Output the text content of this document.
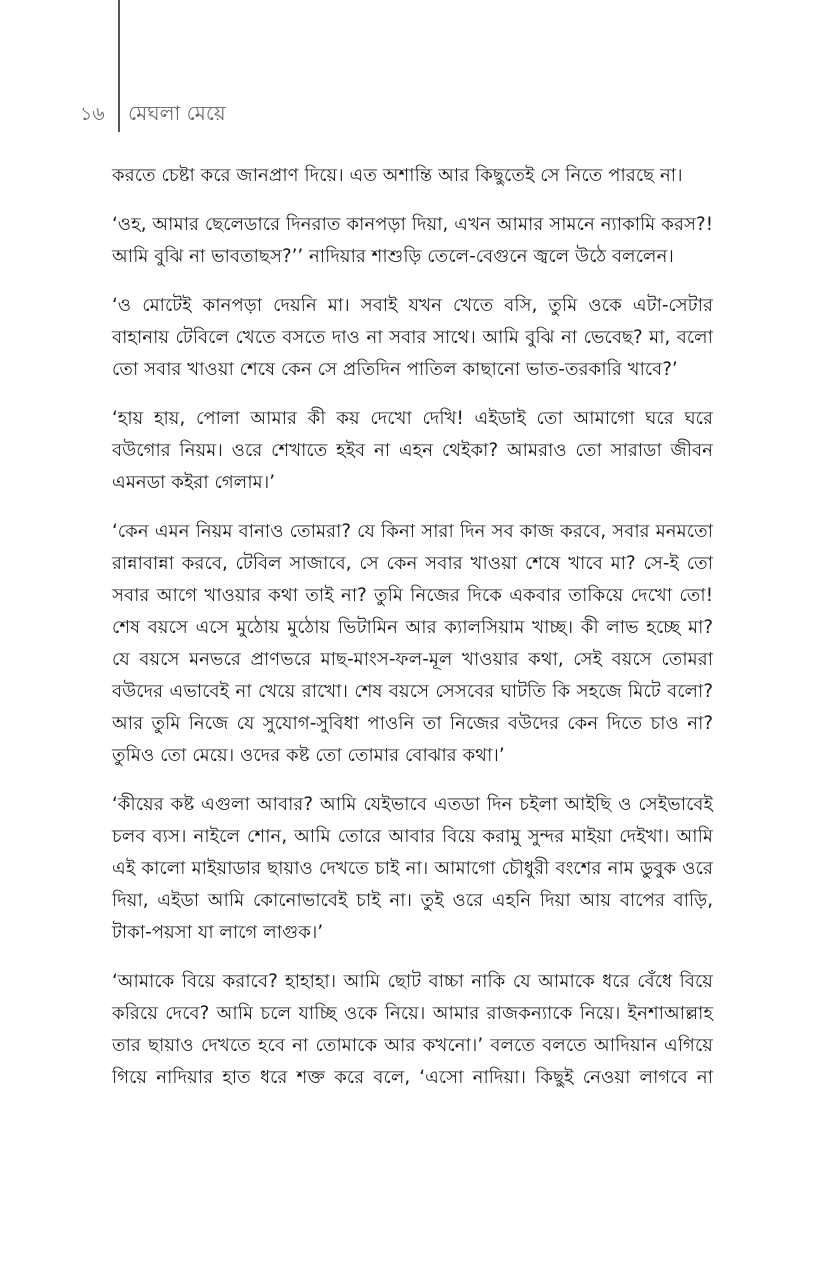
১৬ মেঘলা মেয়ে

করতে চেষ্টা করে জানপ্রাণ দিয়ে। এত অশান্তি আর কিছুতেই সে নিতে পারছে না।

‘ওহ, আমার ছেলেডারে দিনরাত কানপড়া দিয়া, এখন আমার সামনে ন্যাকামি করস?! আমি বুঝি না ভাবতাছস?’’ নাদিয়ার শাশুড়ি তেলে-বেগুনে জ্বলে উঠে বললেন।

‘ও মোটেই কানপড়া দেয়নি মা। সবাই যখন খেতে বসি, তুমি ওকে এটা-সেটার বাহানায় টেবিলে খেতে বসতে দাও না সবার সাথে। আমি বুঝি না ভেবেছ? মা, বলো তো সবার খাওয়া শেষে কেন সে প্রতিদিন পাতিল কাছানো ভাত-তরকারি খাবে?’

‘হায় হায়, পোলা আমার কী কয় দেখো দেখি! এইডাই তো আমাগো ঘরে ঘরে বউগোর নিয়ম। ওরে শেখাতে হইব না এহন থেইকা? আমরাও তো সারাডা জীবন এমনডা কইরা গেলাম।’

‘কেন এমন নিয়ম বানাও তোমরা? যে কিনা সারা দিন সব কাজ করবে, সবার মনমতো রান্নাবান্না করবে, টেবিল সাজাবে, সে কেন সবার খাওয়া শেষে খাবে মা? সে-ই তো সবার আগে খাওয়ার কথা তাই না? তুমি নিজের দিকে একবার তাকিয়ে দেখো তো! শেষ বয়সে এসে মুঠোয় মুঠোয় ভিটামিন আর ক্যালসিয়াম খাচ্ছ। কী লাভ হচ্ছে মা? যে বয়সে মনভরে প্রাণভরে মাছ-মাংস-ফল-মূল খাওয়ার কথা, সেই বয়সে তোমরা বউদের এভাবেই না খেয়ে রাখো। শেষ বয়সে সেসবের ঘাটতি কি সহজে মিটে বলো? আর তুমি নিজে যে সুযোগ-সুবিধা পাওনি তা নিজের বউদের কেন দিতে চাও না? তুমিও তো মেয়ে। ওদের কষ্ট তো তোমার বোঝার কথা।’

‘কীয়ের কষ্ট এগুলা আবার? আমি যেইভাবে এতডা দিন চইলা আইছি ও সেইভাবেই চলব ব্যস। নাইলে শোন, আমি তোরে আবার বিয়ে করামু সুন্দর মাইয়া দেইখা। আমি এই কালো মাইয়াডার ছায়াও দেখতে চাই না। আমাগো চৌধুরী বংশের নাম ডুবুক ওরে দিয়া, এইডা আমি কোনোভাবেই চাই না। তুই ওরে এহনি দিয়া আয় বাপের বাড়ি, টাকা-পয়সা যা লাগে লাগুক।’

‘আমাকে বিয়ে করাবে? হাহাহা। আমি ছোট বাচ্চা নাকি যে আমাকে ধরে বেঁধে বিয়ে করিয়ে দেবে? আমি চলে যাচ্ছি ওকে নিয়ে। আমার রাজকন্যাকে নিয়ে। ইনশাআল্লাহ তার ছায়াও দেখতে হবে না তোমাকে আর কখনো।’ বলতে বলতে আদিয়ান এগিয়ে গিয়ে নাদিয়ার হাত ধরে শক্ত করে বলে, ‘এসো নাদিয়া। কিছুই নেওয়া লাগবে না
